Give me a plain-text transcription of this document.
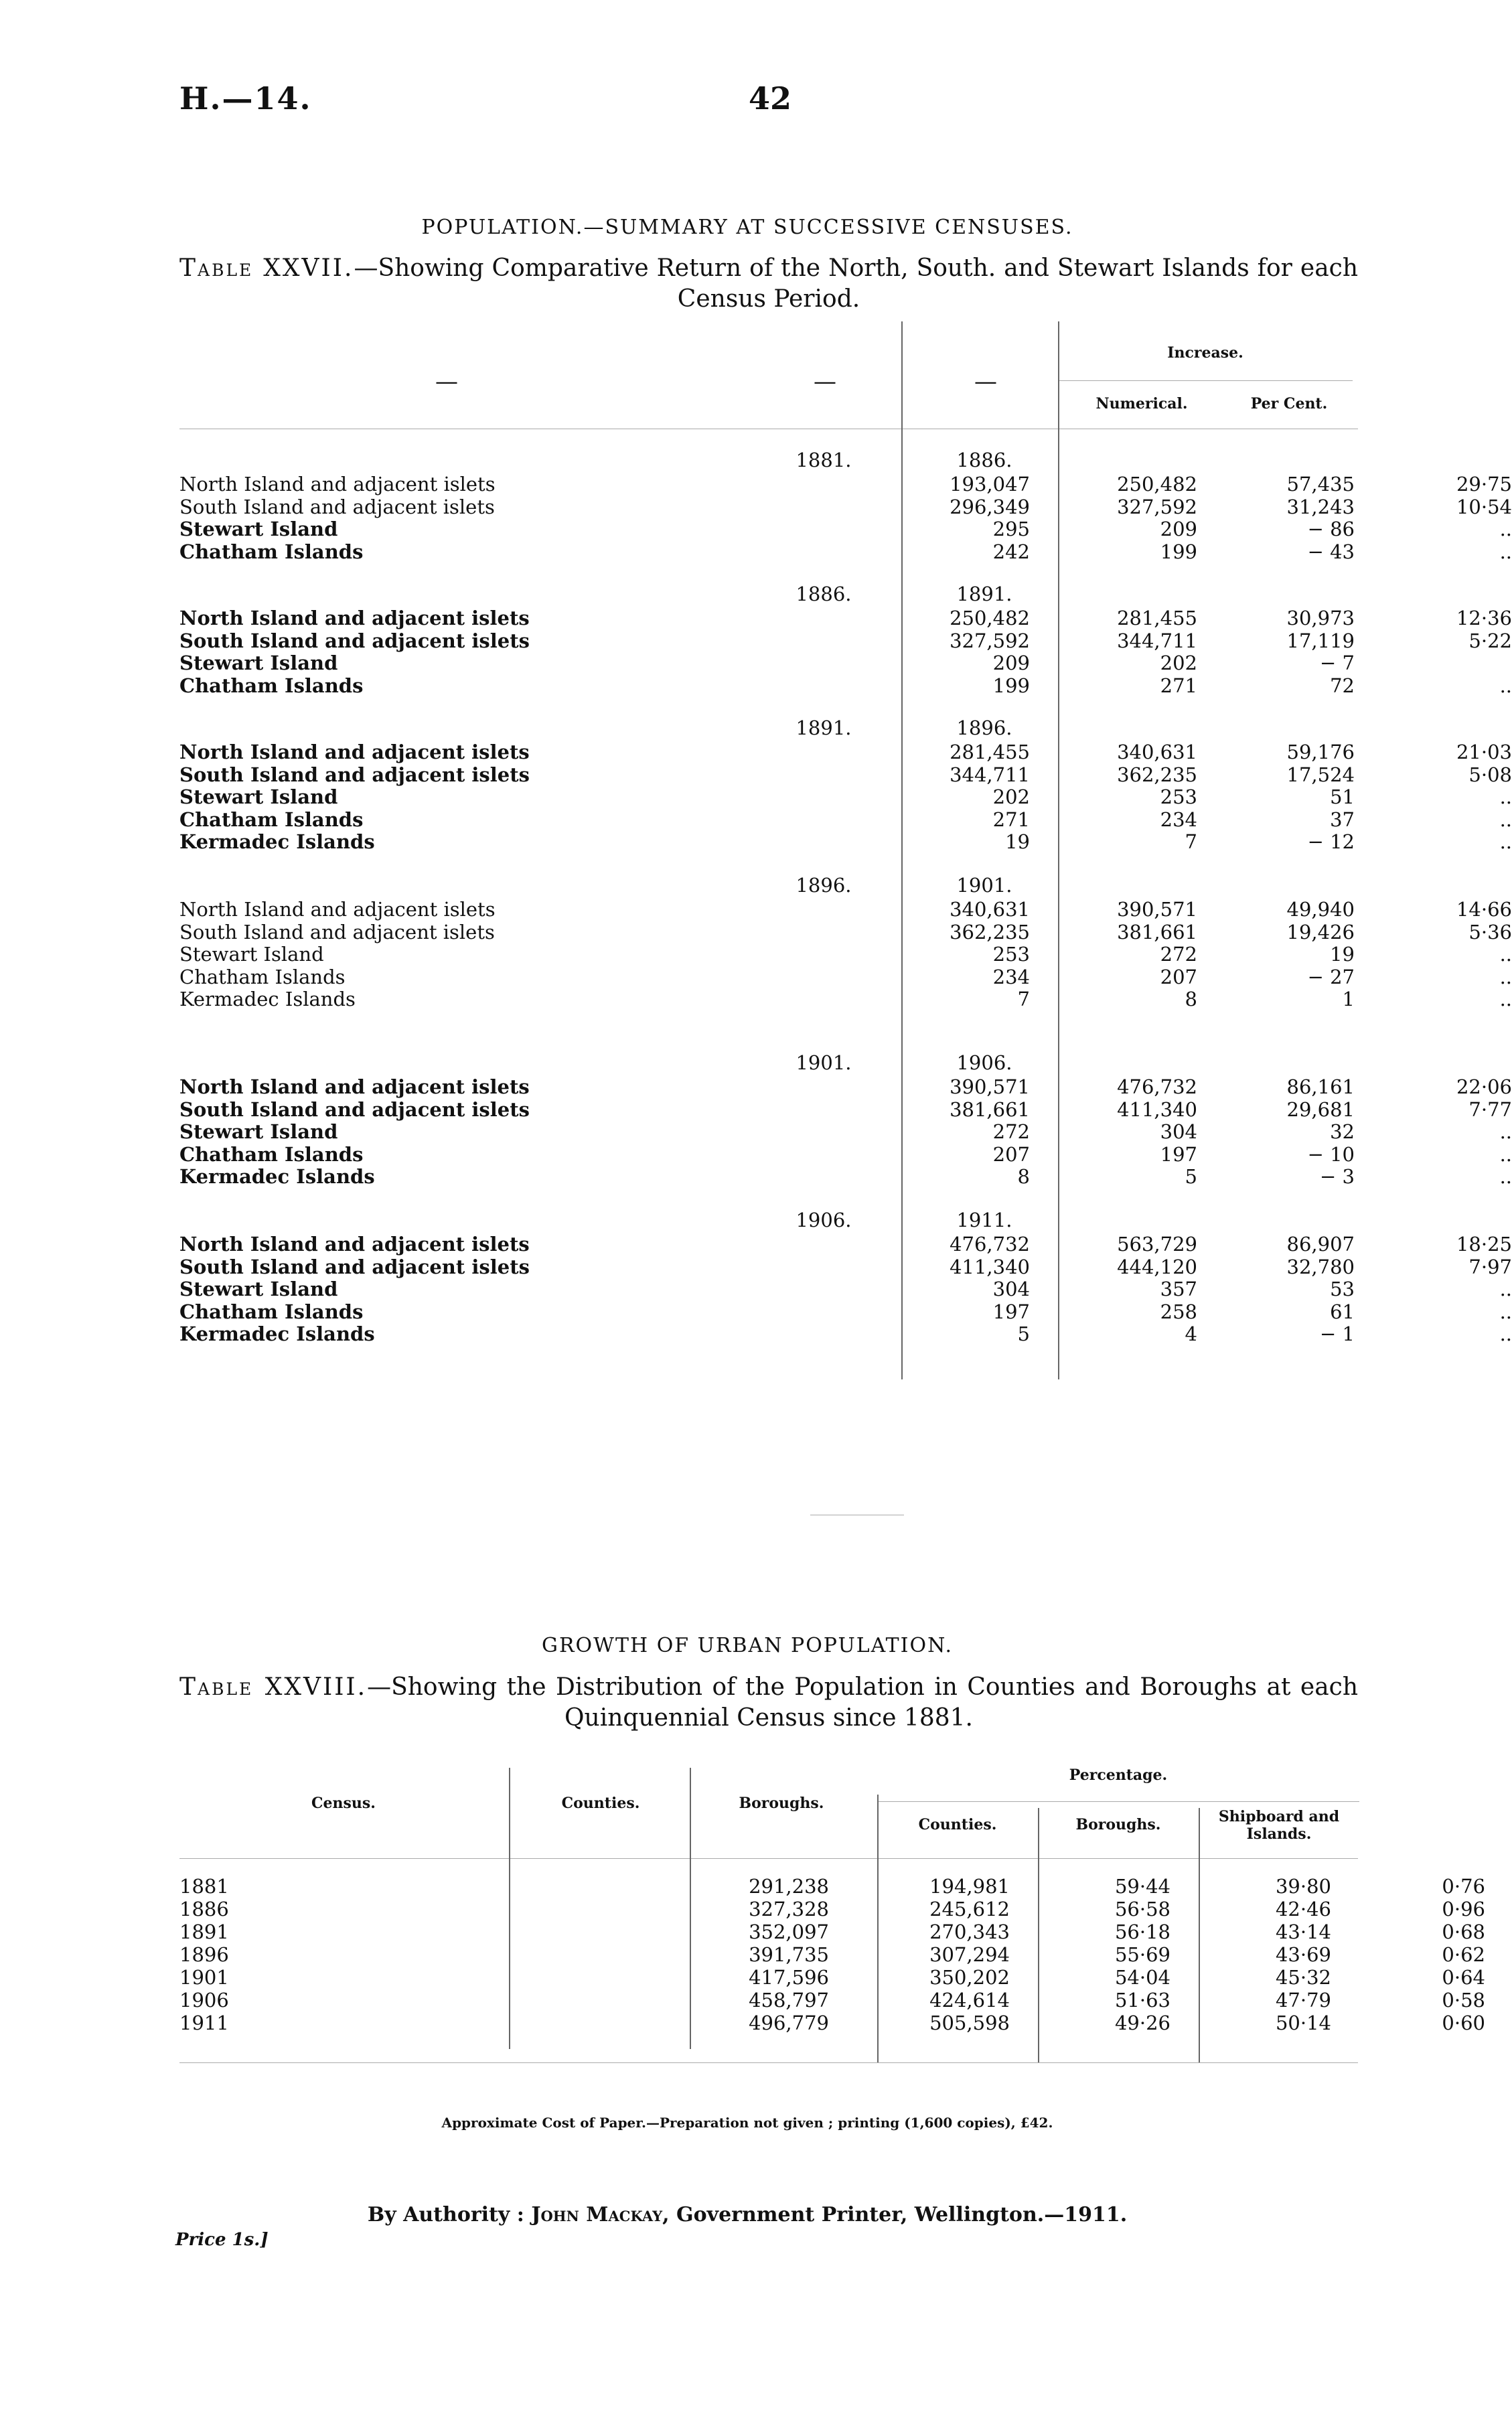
H.—14.	42
POPULATION.—SUMMARY AT SUCCESSIVE CENSUSES.
Table XXVII.—Showing Comparative Return of the North, South. and Stewart Islands for each Census Period.
—	—	—
Increase.
Numerical.	Per Cent.
1881.	1886.
North Island and adjacent islets	193,047	250,482	57,435	29·75
South Island and adjacent islets	296,349	327,592	31,243	10·54
Stewart Island	295	209	− 86	..
Chatham Islands	242	199	− 43	..
1886.	1891.
North Island and adjacent islets	250,482	281,455	30,973	12·36
South Island and adjacent islets	327,592	344,711	17,119	5·22
Stewart Island	209	202	− 7
Chatham Islands	199	271	72	..
1891.	1896.
North Island and adjacent islets	281,455	340,631	59,176	21·03
South Island and adjacent islets	344,711	362,235	17,524	5·08
Stewart Island	202	253	51	..
Chatham Islands	271	234	37	..
Kermadec Islands	19	7	− 12	..
1896.	1901.
North Island and adjacent islets	340,631	390,571	49,940	14·66
South Island and adjacent islets	362,235	381,661	19,426	5·36
Stewart Island	253	272	19	..
Chatham Islands	234	207	− 27	..
Kermadec Islands	7	8	1	..
1901.	1906.
North Island and adjacent islets	390,571	476,732	86,161	22·06
South Island and adjacent islets	381,661	411,340	29,681	7·77
Stewart Island	272	304	32	..
Chatham Islands	207	197	− 10	..
Kermadec Islands	8	5	− 3	..
1906.	1911.
North Island and adjacent islets	476,732	563,729	86,907	18·25
South Island and adjacent islets	411,340	444,120	32,780	7·97
Stewart Island	304	357	53	..
Chatham Islands	197	258	61	..
Kermadec Islands	5	4	− 1	..
GROWTH OF URBAN POPULATION.
Table XXVIII.—Showing the Distribution of the Population in Counties and Boroughs at each Quinquennial Census since 1881.
Census.	Counties.	Boroughs.
Percentage.
Counties.	Boroughs.	Shipboard and Islands.
1881	291,238	194,981	59·44	39·80	0·76
1886	327,328	245,612	56·58	42·46	0·96
1891	352,097	270,343	56·18	43·14	0·68
1896	391,735	307,294	55·69	43·69	0·62
1901	417,596	350,202	54·04	45·32	0·64
1906	458,797	424,614	51·63	47·79	0·58
1911	496,779	505,598	49·26	50·14	0·60
Approximate Cost of Paper.—Preparation not given ; printing (1,600 copies), £42.
By Authority : John Mackay, Government Printer, Wellington.—1911.
Price 1s.]
